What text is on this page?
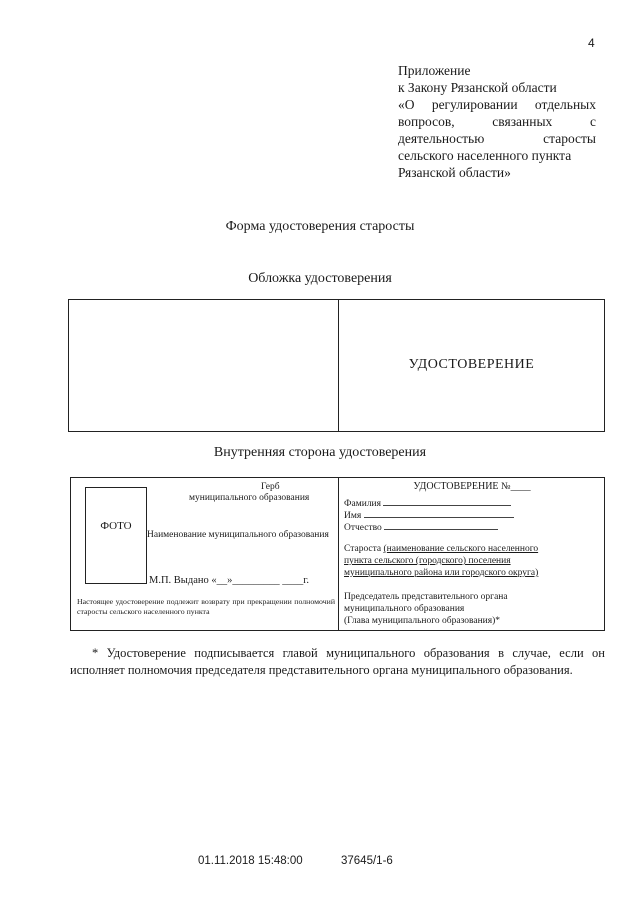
4
Приложение
к Закону Рязанской области
«О регулировании отдельных
вопросов, связанных с
деятельностью старосты
сельского населенного пункта
Рязанской области»
Форма удостоверения старосты
Обложка удостоверения
УДОСТОВЕРЕНИЕ
Внутренняя сторона удостоверения
Герб
муниципального образования
ФОТО
Наименование муниципального образования
М.П. Выдано «__»_________ ____г.
Настоящее удостоверение подлежит возврату при прекращении полномочий старосты сельского населенного пункта
УДОСТОВЕРЕНИЕ №____
Фамилия
Имя
Отчество
Староста (наименование сельского населенного
пункта сельского (городского) поселения
муниципального района или городского округа)
Председатель представительного органа
муниципального образования
(Глава муниципального образования)*
* Удостоверение подписывается главой муниципального образования в случае, если он исполняет полномочия председателя представительного органа муниципального образования.
01.11.2018 15:48:00	37645/1-6
